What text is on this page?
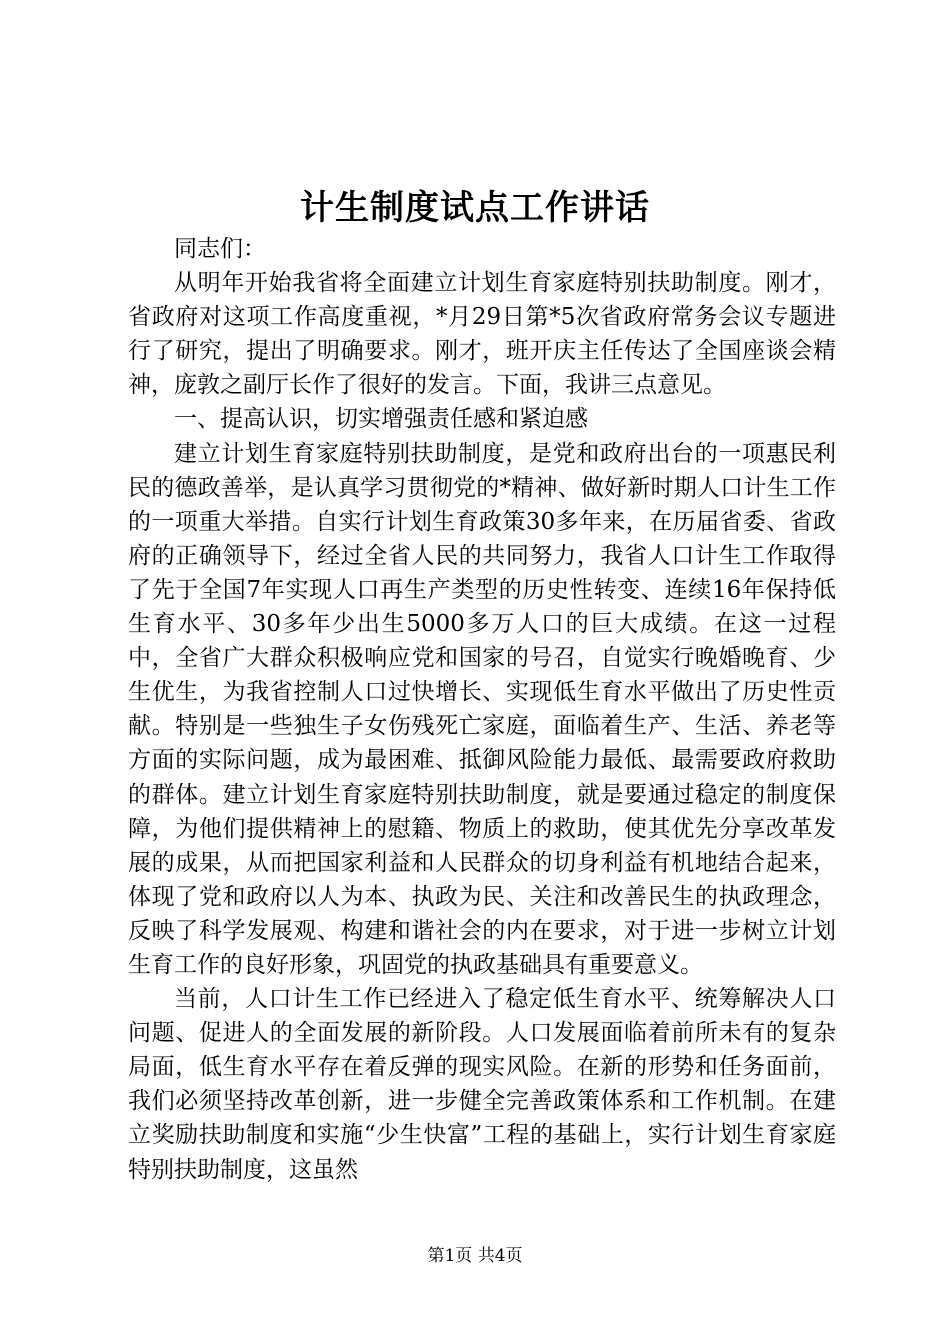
计生制度试点工作讲话

同志们：

从明年开始我省将全面建立计划生育家庭特别扶助制度。刚才，省政府对这项工作高度重视，*月29日第*5次省政府常务会议专题进行了研究，提出了明确要求。刚才，班开庆主任传达了全国座谈会精神，庞敦之副厅长作了很好的发言。下面，我讲三点意见。

一、提高认识，切实增强责任感和紧迫感

建立计划生育家庭特别扶助制度，是党和政府出台的一项惠民利民的德政善举，是认真学习贯彻党的*精神、做好新时期人口计生工作的一项重大举措。自实行计划生育政策30多年来，在历届省委、省政府的正确领导下，经过全省人民的共同努力，我省人口计生工作取得了先于全国7年实现人口再生产类型的历史性转变、连续16年保持低生育水平、30多年少出生5000多万人口的巨大成绩。在这一过程中，全省广大群众积极响应党和国家的号召，自觉实行晚婚晚育、少生优生，为我省控制人口过快增长、实现低生育水平做出了历史性贡献。特别是一些独生子女伤残死亡家庭，面临着生产、生活、养老等方面的实际问题，成为最困难、抵御风险能力最低、最需要政府救助的群体。建立计划生育家庭特别扶助制度，就是要通过稳定的制度保障，为他们提供精神上的慰籍、物质上的救助，使其优先分享改革发展的成果，从而把国家利益和人民群众的切身利益有机地结合起来，体现了党和政府以人为本、执政为民、关注和改善民生的执政理念，反映了科学发展观、构建和谐社会的内在要求，对于进一步树立计划生育工作的良好形象，巩固党的执政基础具有重要意义。

当前，人口计生工作已经进入了稳定低生育水平、统筹解决人口问题、促进人的全面发展的新阶段。人口发展面临着前所未有的复杂局面，低生育水平存在着反弹的现实风险。在新的形势和任务面前，我们必须坚持改革创新，进一步健全完善政策体系和工作机制。在建立奖励扶助制度和实施“少生快富”工程的基础上，实行计划生育家庭特别扶助制度，这虽然

第1页 共4页
